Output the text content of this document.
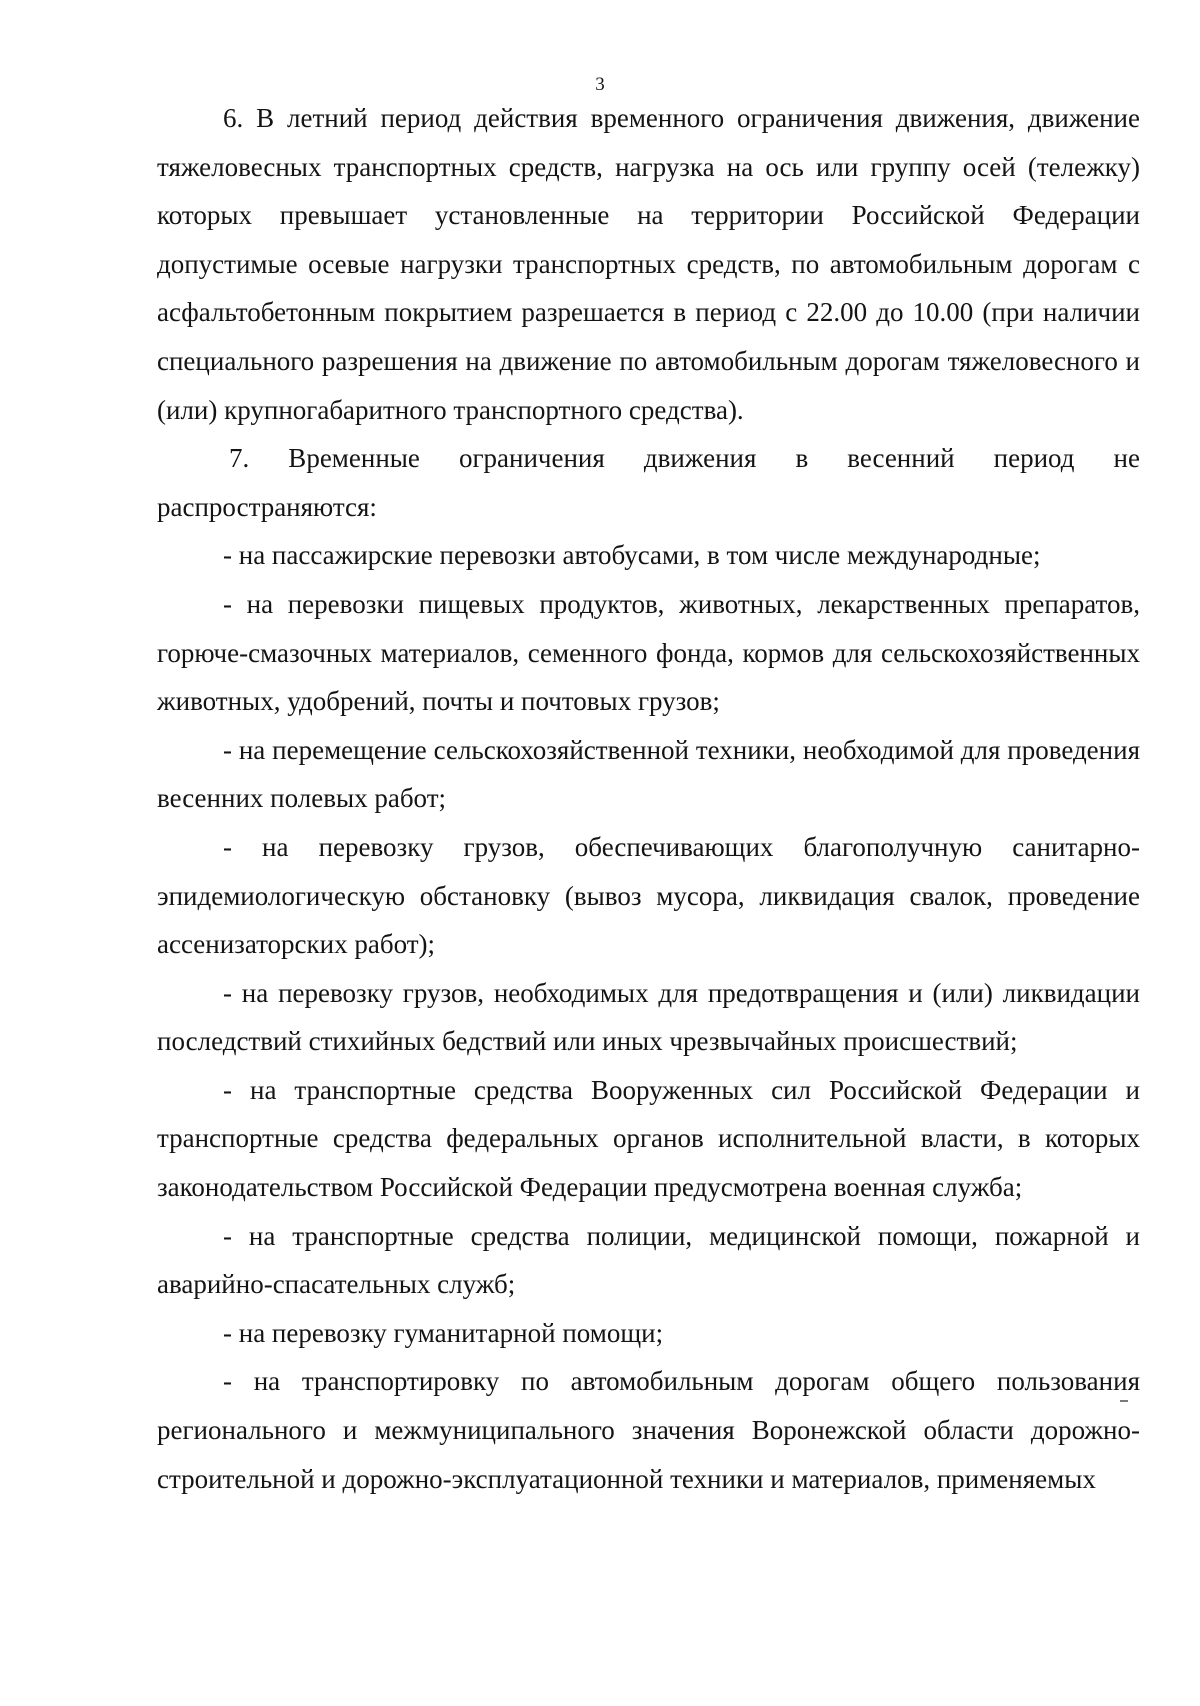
3

6. В летний период действия временного ограничения движения, движение тяжеловесных транспортных средств, нагрузка на ось или группу осей (тележку) которых превышает установленные на территории Российской Федерации допустимые осевые нагрузки транспортных средств, по автомобильным дорогам с асфальтобетонным покрытием разрешается в период с 22.00 до 10.00 (при наличии специального разрешения на движение по автомобильным дорогам тяжеловесного и (или) крупногабаритного транспортного средства).

7. Временные ограничения движения в весенний период не распространяются:

- на пассажирские перевозки автобусами, в том числе международные;

- на перевозки пищевых продуктов, животных, лекарственных препаратов, горюче-смазочных материалов, семенного фонда, кормов для сельскохозяйственных животных, удобрений, почты и почтовых грузов;

- на перемещение сельскохозяйственной техники, необходимой для проведения весенних полевых работ;

- на перевозку грузов, обеспечивающих благополучную санитарно-эпидемиологическую обстановку (вывоз мусора, ликвидация свалок, проведение ассенизаторских работ);

- на перевозку грузов, необходимых для предотвращения и (или) ликвидации последствий стихийных бедствий или иных чрезвычайных происшествий;

- на транспортные средства Вооруженных сил Российской Федерации и транспортные средства федеральных органов исполнительной власти, в которых законодательством Российской Федерации предусмотрена военная служба;

- на транспортные средства полиции, медицинской помощи, пожарной и аварийно-спасательных служб;

- на перевозку гуманитарной помощи;

- на транспортировку по автомобильным дорогам общего пользования регионального и межмуниципального значения Воронежской области дорожно-строительной и дорожно-эксплуатационной техники и материалов, применяемых
